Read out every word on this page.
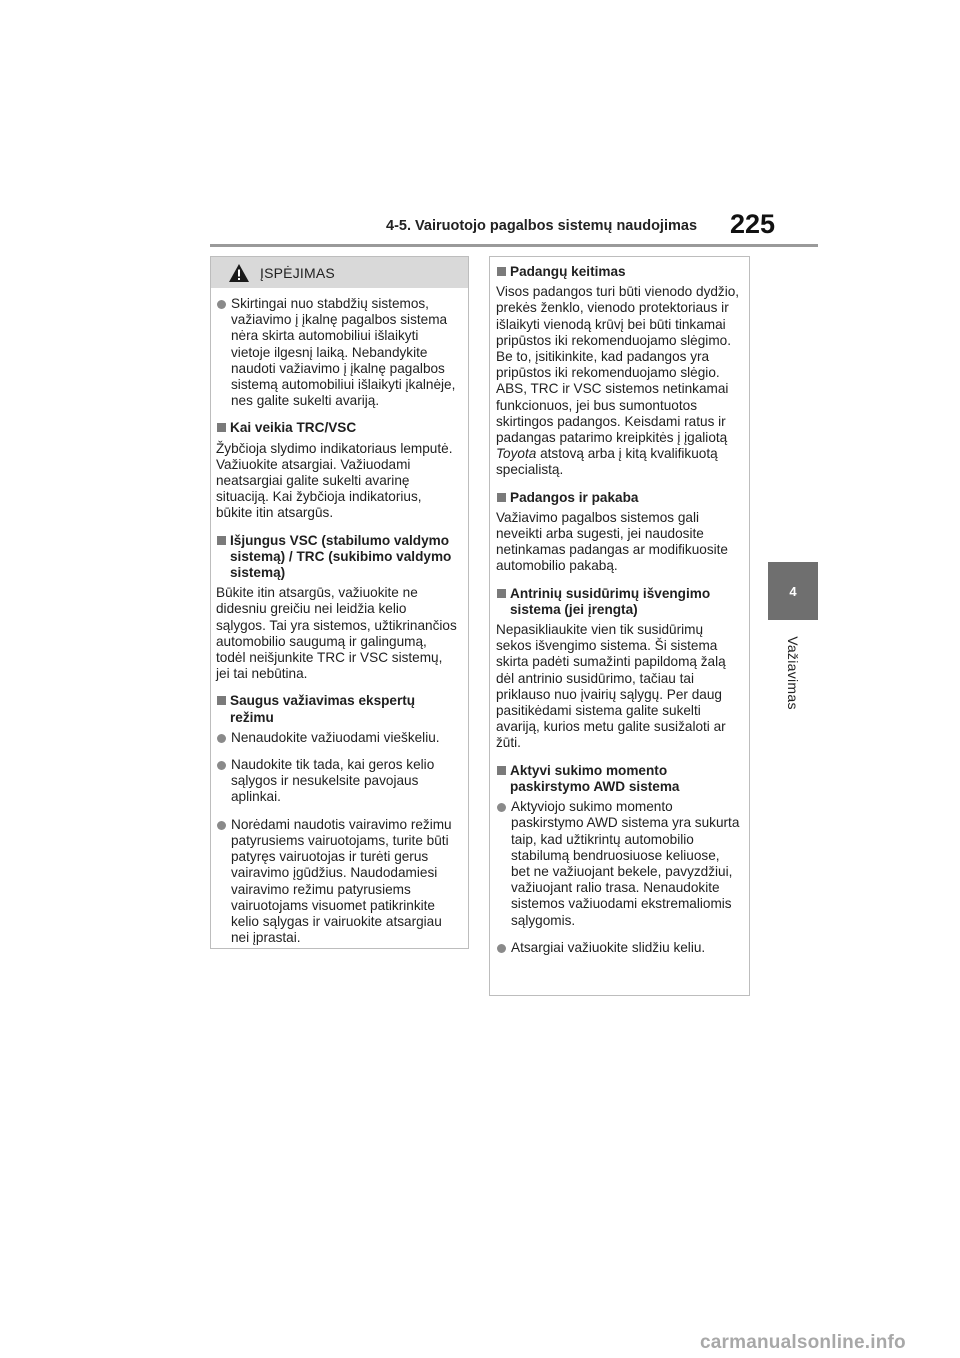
4-5. Vairuotojo pagalbos sistemų naudojimas 225
4
Važiavimas
ĮSPĖJIMAS
Skirtingai nuo stabdžių sistemos, važiavimo į įkalnę pagalbos sistema nėra skirta automobiliui išlaikyti vietoje ilgesnį laiką. Nebandykite naudoti važiavimo į įkalnę pagalbos sistemą automobiliui išlaikyti įkalnėje, nes galite sukelti avariją.
Kai veikia TRC/VSC
Žybčioja slydimo indikatoriaus lemputė. Važiuokite atsargiai. Važiuodami neatsargiai galite sukelti avarinę situaciją. Kai žybčioja indikatorius, būkite itin atsargūs.
Išjungus VSC (stabilumo valdymo sistemą) / TRC (sukibimo valdymo sistemą)
Būkite itin atsargūs, važiuokite ne didesniu greičiu nei leidžia kelio sąlygos. Tai yra sistemos, užtikrinančios automobilio saugumą ir galingumą, todėl neišjunkite TRC ir VSC sistemų, jei tai nebūtina.
Saugus važiavimas ekspertų režimu
Nenaudokite važiuodami vieškeliu.
Naudokite tik tada, kai geros kelio sąlygos ir nesukelsite pavojaus aplinkai.
Norėdami naudotis vairavimo režimu patyrusiems vairuotojams, turite būti patyręs vairuotojas ir turėti gerus vairavimo įgūdžius. Naudodamiesi vairavimo režimu patyrusiems vairuotojams visuomet patikrinkite kelio sąlygas ir vairuokite atsargiau nei įprastai.
Padangų keitimas
Visos padangos turi būti vienodo dydžio, prekės ženklo, vienodo protektoriaus ir išlaikyti vienodą krūvį bei būti tinkamai pripūstos iki rekomenduojamo slėgimo. Be to, įsitikinkite, kad padangos yra pripūstos iki rekomenduojamo slėgio. ABS, TRC ir VSC sistemos netinkamai funkcionuos, jei bus sumontuotos skirtingos padangos. Keisdami ratus ir padangas patarimo kreipkitės į įgaliotą Toyota atstovą arba į kitą kvalifikuotą specialistą.
Padangos ir pakaba
Važiavimo pagalbos sistemos gali neveikti arba sugesti, jei naudosite netinkamas padangas ar modifikuosite automobilio pakabą.
Antrinių susidūrimų išvengimo sistema (jei įrengta)
Nepasikliaukite vien tik susidūrimų sekos išvengimo sistema. Ši sistema skirta padėti sumažinti papildomą žalą dėl antrinio susidūrimo, tačiau tai priklauso nuo įvairių sąlygų. Per daug pasitikėdami sistema galite sukelti avariją, kurios metu galite susižaloti ar žūti.
Aktyvi sukimo momento paskirstymo AWD sistema
Aktyviojo sukimo momento paskirstymo AWD sistema yra sukurta taip, kad užtikrintų automobilio stabilumą bendruosiuose keliuose, bet ne važiuojant bekele, pavyzdžiui, važiuojant ralio trasa. Nenaudokite sistemos važiuodami ekstremaliomis sąlygomis.
Atsargiai važiuokite slidžiu keliu.
carmanualsonline.info
